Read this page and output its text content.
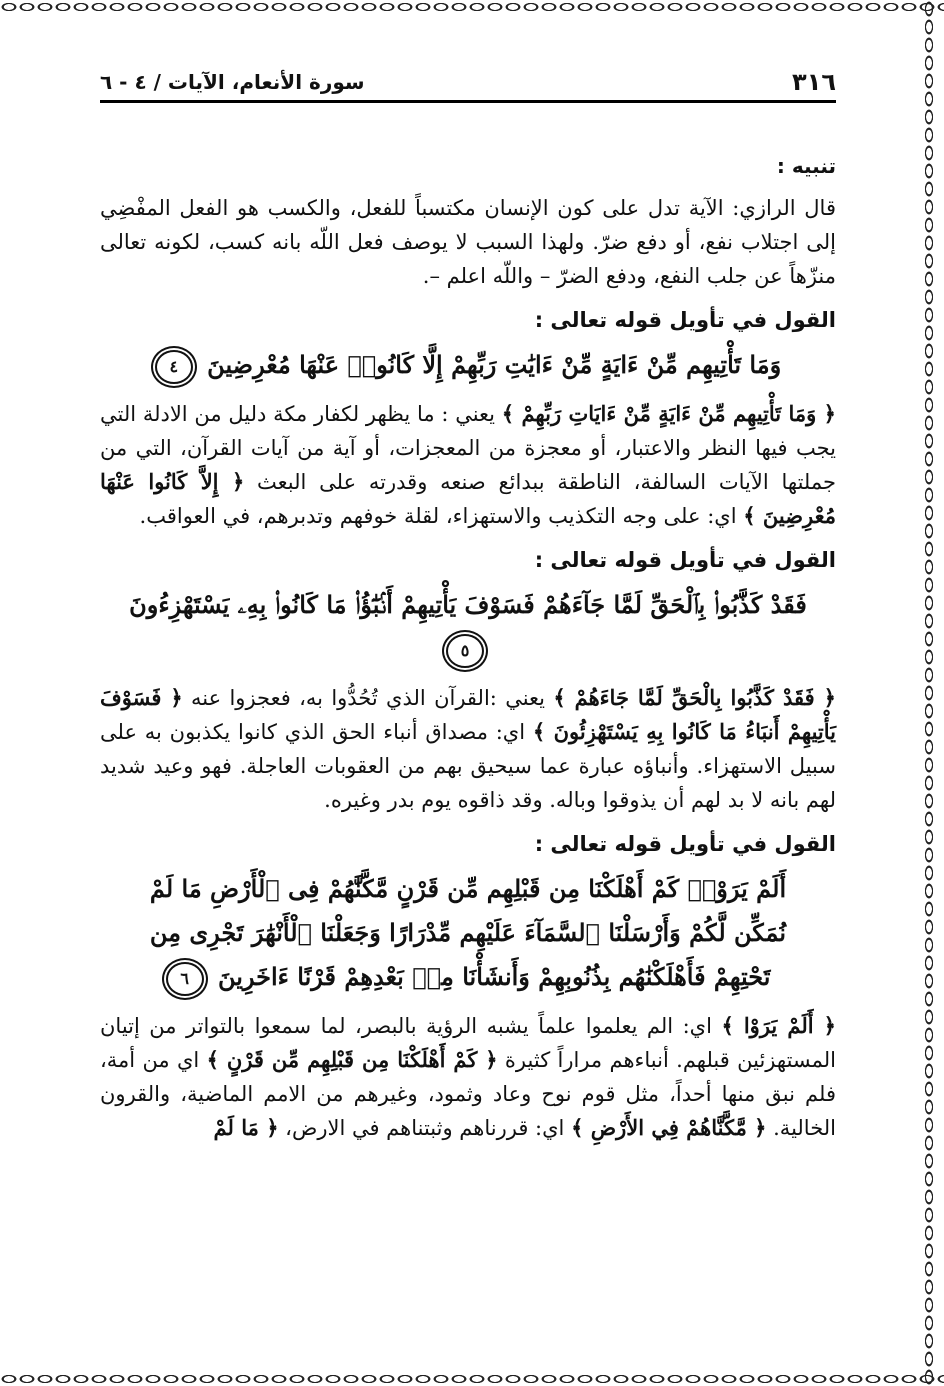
٣١٦
سورة الأنعام، الآيات / ٤ - ٦

تنبيه :

قال الرازي: الآية تدل على كون الإنسان مكتسباً للفعل، والكسب هو الفعل المفْضِي إلى اجتلاب نفع، أو دفع ضرّ. ولهذا السبب لا يوصف فعل اللّه بانه كسب، لكونه تعالى منزّهاً عن جلب النفع، ودفع الضرّ – واللّه اعلم –.

القول في تأويل قوله تعالى :

وَمَا تَأْتِيهِم مِّنْ ءَايَةٍ مِّنْ ءَايَٰتِ رَبِّهِمْ إِلَّا كَانُوا۟ عَنْهَا مُعْرِضِينَ ٤

﴿ وَمَا تَأْتِيهِم مِّنْ ءَايَةٍ مِّنْ ءَايَاتِ رَبِّهِمْ ﴾ يعني : ما يظهر لكفار مكة دليل من الادلة التي يجب فيها النظر والاعتبار، أو معجزة من المعجزات، أو آية من آيات القرآن، التي من جملتها الآيات السالفة، الناطقة ببدائع صنعه وقدرته على البعث ﴿ إِلاَّ كَانُوا عَنْهَا مُعْرِضِينَ ﴾ اي: على وجه التكذيب والاستهزاء، لقلة خوفهم وتدبرهم، في العواقب.

القول في تأويل قوله تعالى :

فَقَدْ كَذَّبُوا۟ بِٱلْحَقِّ لَمَّا جَآءَهُمْ فَسَوْفَ يَأْتِيهِمْ أَنۢبَٰٓؤُا۟ مَا كَانُوا۟ بِهِۦ يَسْتَهْزِءُونَ ٥

﴿ فَقَدْ كَذَّبُوا بِالْحَقِّ لَمَّا جَاءَهُمْ ﴾ يعني :القرآن الذي تُحُدُّوا به، فعجزوا عنه ﴿ فَسَوْفَ يَأْتِيهِمْ أَنبَاءُ مَا كَانُوا بِهِ يَسْتَهْزِئُونَ ﴾ اي: مصداق أنباء الحق الذي كانوا يكذبون به على سبيل الاستهزاء. وأنباؤه عبارة عما سيحيق بهم من العقوبات العاجلة. فهو وعيد شديد لهم بانه لا بد لهم أن يذوقوا وباله. وقد ذاقوه يوم بدر وغيره.

القول في تأويل قوله تعالى :

أَلَمْ يَرَوْا۟ كَمْ أَهْلَكْنَا مِن قَبْلِهِم مِّن قَرْنٍ مَّكَّنَّٰهُمْ فِى ٱلْأَرْضِ مَا لَمْ نُمَكِّن لَّكُمْ وَأَرْسَلْنَا ٱلسَّمَآءَ عَلَيْهِم مِّدْرَارًا وَجَعَلْنَا ٱلْأَنْهَٰرَ تَجْرِى مِن تَحْتِهِمْ فَأَهْلَكْنَٰهُم بِذُنُوبِهِمْ وَأَنشَأْنَا مِنۢ بَعْدِهِمْ قَرْنًا ءَاخَرِينَ ٦

﴿ أَلَمْ يَرَوْا ﴾ اي: الم يعلموا علماً يشبه الرؤية بالبصر، لما سمعوا بالتواتر من إتيان المستهزئين قبلهم. أنباءهم مراراً كثيرة ﴿ كَمْ أَهْلَكْنَا مِن قَبْلِهِم مِّن قَرْنٍ ﴾ اي من أمة، فلم نبق منها أحداً، مثل قوم نوح وعاد وثمود، وغيرهم من الامم الماضية، والقرون الخالية. ﴿ مَّكَّنَّاهُمْ فِي الأَرْضِ ﴾ اي: قررناهم وثبتناهم في الارض، ﴿ مَا لَمْ
